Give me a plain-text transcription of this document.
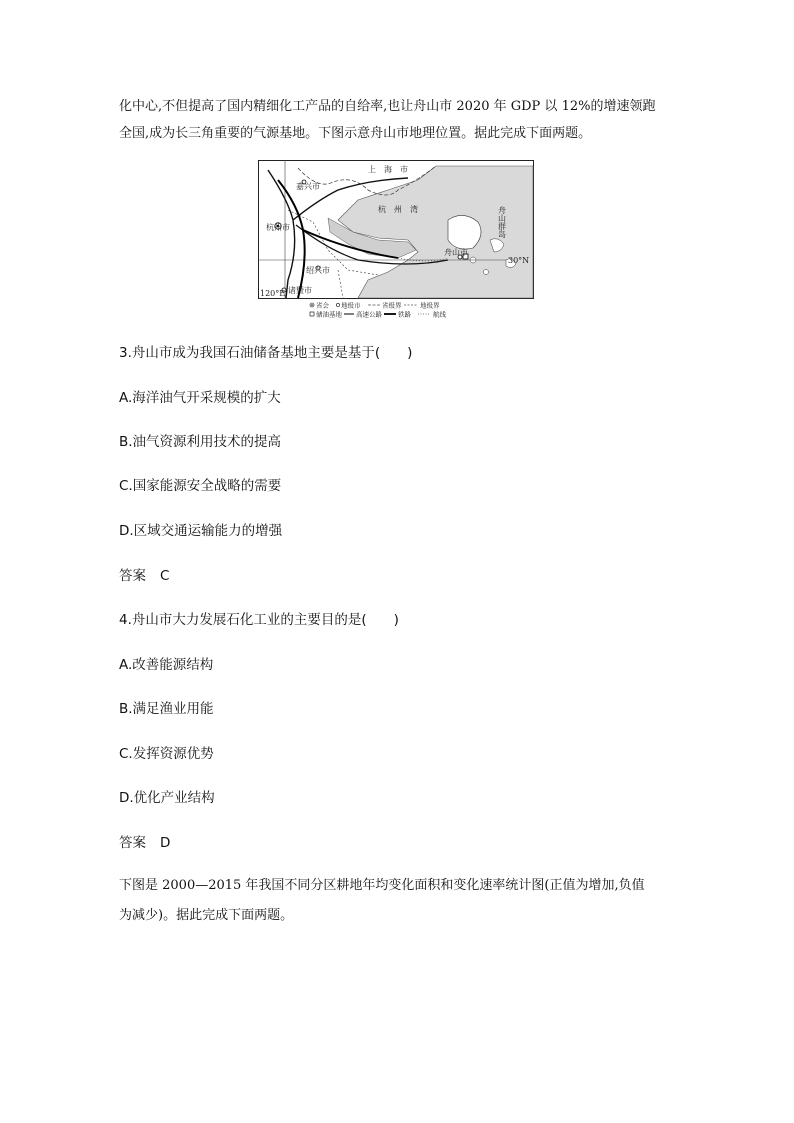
化中心,不但提高了国内精细化工产品的自给率,也让舟山市 2020 年 GDP 以 12%的增速领跑
全国,成为长三角重要的气源基地。下图示意舟山市地理位置。据此完成下面两题。
上　海　市
嘉兴市
杭　州　湾
杭州市
舟山市
舟山群岛
绍兴市
诸暨市
30°N
120°E
省会 地级市	省级界	地级界
储油基地 高速公路 铁路	航线
3.舟山市成为我国石油储备基地主要是基于(　　)
A.海洋油气开采规模的扩大
B.油气资源利用技术的提高
C.国家能源安全战略的需要
D.区域交通运输能力的增强
答案 C
4.舟山市大力发展石化工业的主要目的是(　　)
A.改善能源结构
B.满足渔业用能
C.发挥资源优势
D.优化产业结构
答案 D
下图是 2000—2015 年我国不同分区耕地年均变化面积和变化速率统计图(正值为增加,负值
为减少)。据此完成下面两题。
